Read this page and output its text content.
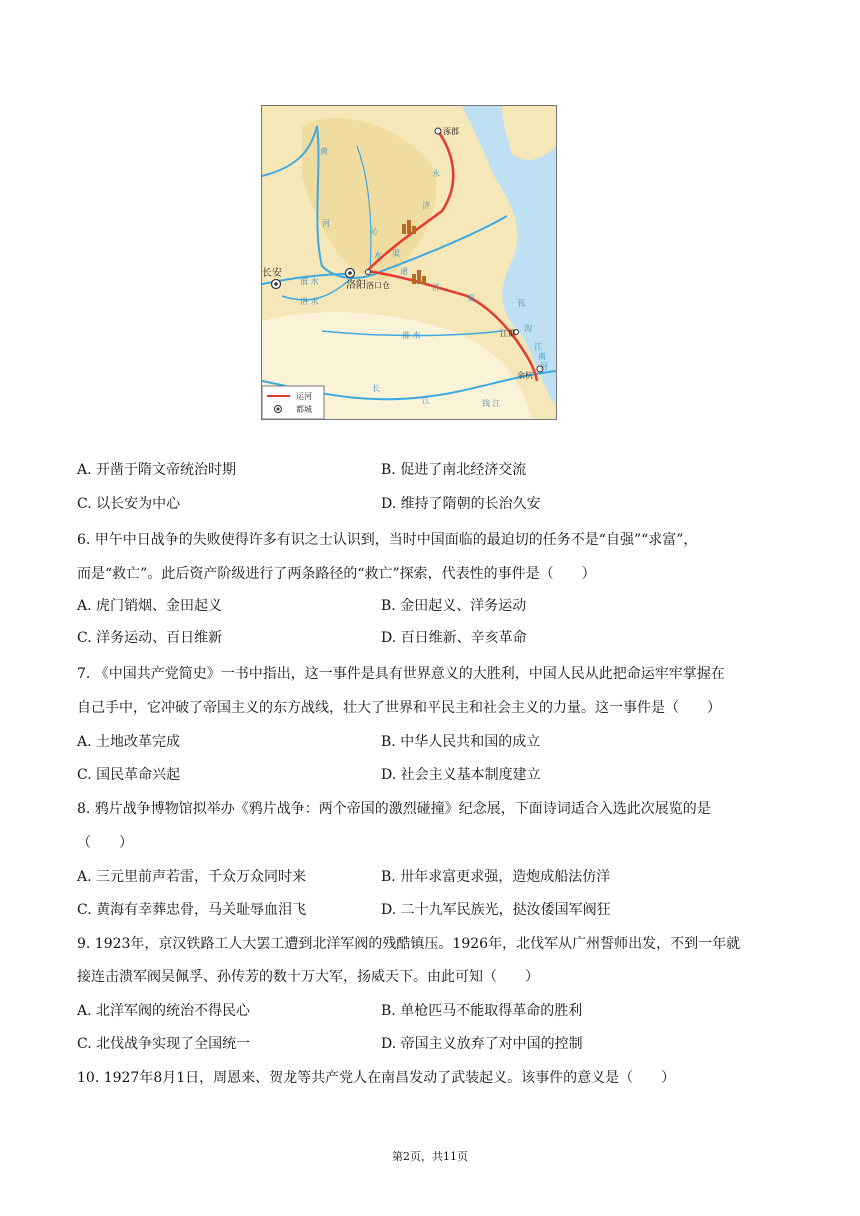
涿郡
长安
洛阳 洛口仓
江都
余杭
黄
河
渭 水
洛 水
沁
水
永
济
渠
通
济
渠
淮 水
邗
沟
江
南
河
长
江	钱 江
运河
都城
A. 开凿于隋文帝统治时期	B. 促进了南北经济交流
C. 以长安为中心	D. 维持了隋朝的长治久安
6. 甲午中日战争的失败使得许多有识之士认识到，当时中国面临的最迫切的任务不是“自强”“求富”，
而是“救亡”。此后资产阶级进行了两条路径的“救亡”探索，代表性的事件是（　　）
A. 虎门销烟、金田起义	B. 金田起义、洋务运动
C. 洋务运动、百日维新	D. 百日维新、辛亥革命
7. 《中国共产党简史》一书中指出，这一事件是具有世界意义的大胜利，中国人民从此把命运牢牢掌握在
自己手中，它冲破了帝国主义的东方战线，壮大了世界和平民主和社会主义的力量。这一事件是（　　）
A. 土地改革完成	B. 中华人民共和国的成立
C. 国民革命兴起	D. 社会主义基本制度建立
8. 鸦片战争博物馆拟举办《鸦片战争：两个帝国的激烈碰撞》纪念展，下面诗词适合入选此次展览的是
（　　）
A. 三元里前声若雷，千众万众同时来	B. 卅年求富更求强，造炮成船法仿洋
C. 黄海有幸葬忠骨，马关耻辱血泪飞	D. 二十九军民族光，挞汝倭国军阀狂
9. 1923年，京汉铁路工人大罢工遭到北洋军阀的残酷镇压。1926年，北伐军从广州誓师出发，不到一年就
接连击溃军阀吴佩孚、孙传芳的数十万大军，扬威天下。由此可知（　　）
A. 北洋军阀的统治不得民心	B. 单枪匹马不能取得革命的胜利
C. 北伐战争实现了全国统一	D. 帝国主义放弃了对中国的控制
10. 1927年8月1日，周恩来、贺龙等共产党人在南昌发动了武装起义。该事件的意义是（　　）
第2页，共11页
